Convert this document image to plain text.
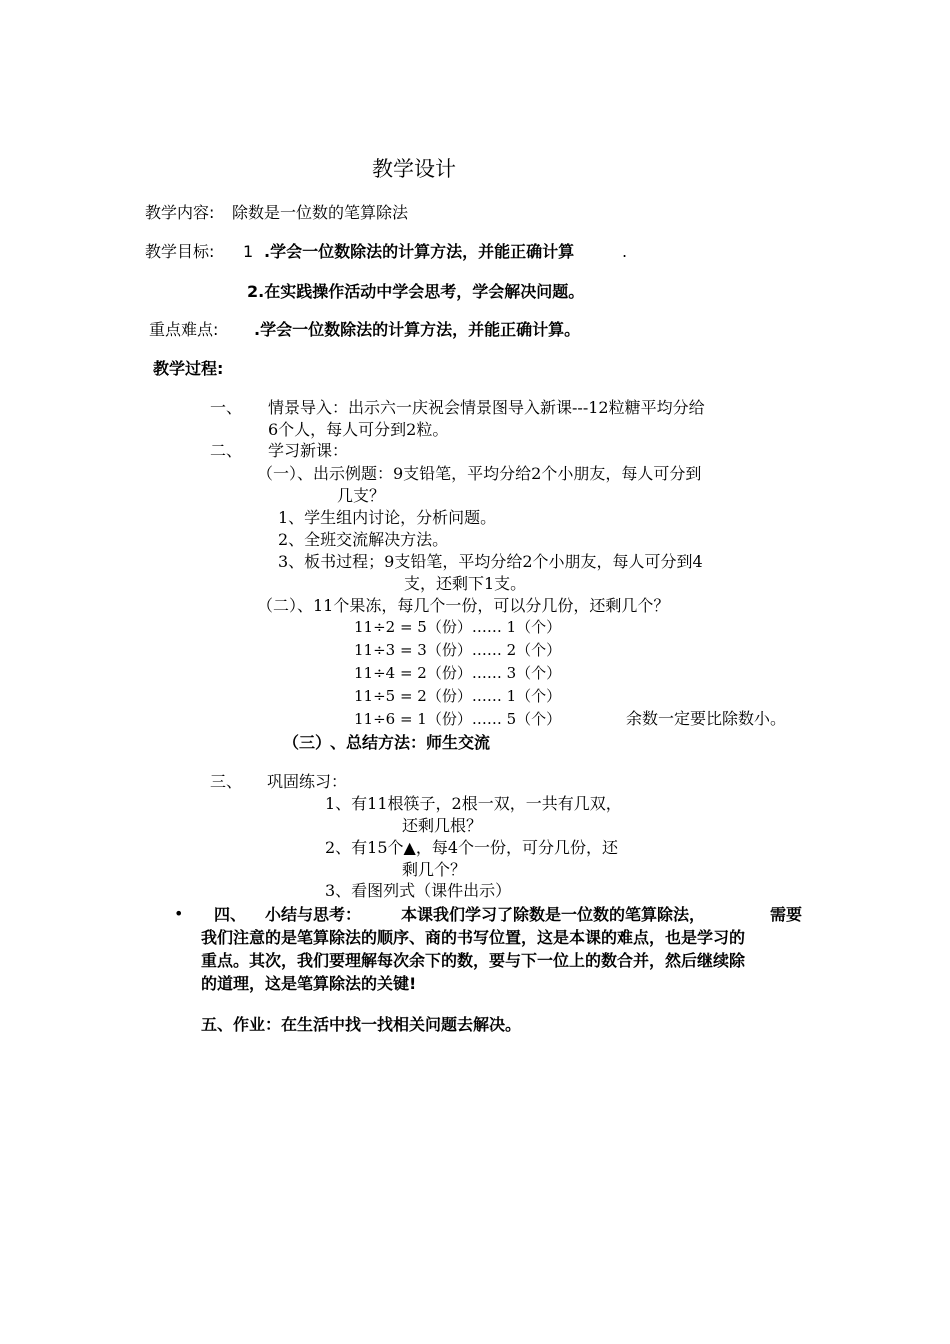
教学设计
教学内容: 除数是一位数的笔算除法
教学目标: 1 .学会一位数除法的计算方法，并能正确计算	.
2.在实践操作活动中学会思考，学会解决问题。
重点难点: .学会一位数除法的计算方法，并能正确计算。
教学过程:
一、 情景导入：出示六一庆祝会情景图导入新课---12粒糖平均分给
6个人，每人可分到2粒。
二、 学习新课：
（一）、出示例题：9支铅笔，平均分给2个小朋友，每人可分到
几支？
1、学生组内讨论，分析问题。
2、全班交流解决方法。
3、板书过程；9支铅笔，平均分给2个小朋友，每人可分到4
支，还剩下1支。
（二）、11个果冻，每几个一份，可以分几份，还剩几个？
11÷2 = 5（份）…… 1（个）
11÷3 = 3（份）…… 2（个）
11÷4 = 2（份）…… 3（个）
11÷5 = 2（份）…… 1（个）
11÷6 = 1（份）…… 5（个）	余数一定要比除数小。
（三）
、总结方法：师生交流
三、 巩固练习：
1、有11根筷子，2根一双，一共有几双，
还剩几根？
2、有15个▲，每4个一份，可分几份，还
剩几个？
3、看图列式（课件出示）
• 四、 小结与思考： 本课我们学习了除数是一位数的笔算除法，	需要
我们注意的是笔算除法的顺序、商的书写位置，这是本课的难点，也是学习的
重点。其次，我们要理解每次余下的数，要与下一位上的数合并，然后继续除
的道理，这是笔算除法的关键!
五、作业：在生活中找一找相关问题去解决。
